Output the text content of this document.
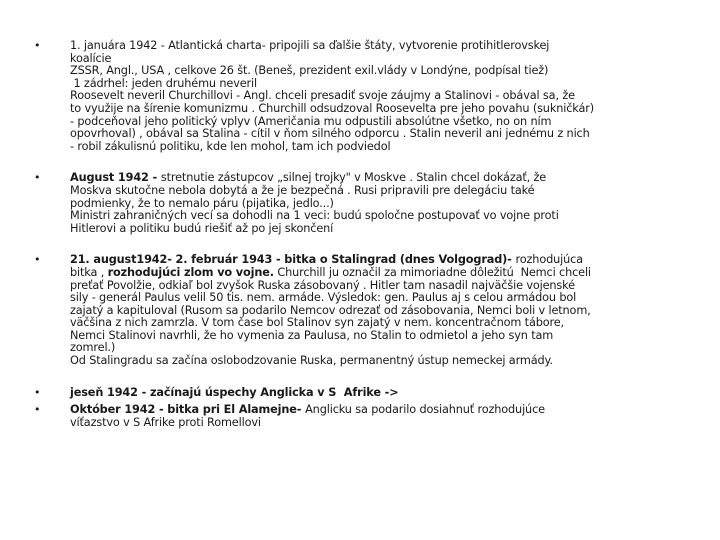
•	1. januára 1942 - Atlantická charta- pripojili sa ďalšie štáty, vytvorenie protihitlerovskej
koalície
ZSSR, Angl., USA , celkove 26 št. (Beneš, prezident exil.vlády v Londýne, podpísal tiež)
1 zádrhel: jeden druhému neveril
Roosevelt neveril Churchillovi - Angl. chceli presadiť svoje záujmy a Stalinovi - obával sa, že
to využije na šírenie komunizmu . Churchill odsudzoval Roosevelta pre jeho povahu (sukničkár)
- podceňoval jeho politický vplyv (Američania mu odpustili absolútne všetko, no on ním
opovrhoval) , obával sa Stalina - cítil v ňom silného odporcu . Stalin neveril ani jednému z nich
- robil zákulisnú politiku, kde len mohol, tam ich podviedol
•	August 1942 - stretnutie zástupcov „silnej trojky" v Moskve . Stalin chcel dokázať, že
Moskva skutočne nebola dobytá a že je bezpečná . Rusi pripravili pre delegáciu také
podmienky, že to nemalo páru (pijatika, jedlo...)
Ministri zahraničných vecí sa dohodli na 1 veci: budú spoločne postupovať vo vojne proti
Hitlerovi a politiku budú riešiť až po jej skončení
•	21. august1942- 2. február 1943 - bitka o Stalingrad (dnes Volgograd)- rozhodujúca
bitka , rozhodujúci zlom vo vojne. Churchill ju označil za mimoriadne dôležitú  Nemci chceli
preťať Povolžie, odkiaľ bol zvyšok Ruska zásobovaný . Hitler tam nasadil najväčšie vojenské
sily - generál Paulus velil 50 tis. nem. armáde. Výsledok: gen. Paulus aj s celou armádou bol
zajatý a kapituloval (Rusom sa podarilo Nemcov odrezať od zásobovania, Nemci boli v letnom,
väčšina z nich zamrzla. V tom čase bol Stalinov syn zajatý v nem. koncentračnom tábore,
Nemci Stalinovi navrhli, že ho vymenia za Paulusa, no Stalin to odmietol a jeho syn tam
zomrel.)
Od Stalingradu sa začína oslobodzovanie Ruska, permanentný ústup nemeckej armády.
•	jeseň 1942 - začínajú úspechy Anglicka v S  Afrike ->
•	Október 1942 - bitka pri El Alamejne- Anglicku sa podarilo dosiahnuť rozhodujúce
víťazstvo v S Afrike proti Romellovi
